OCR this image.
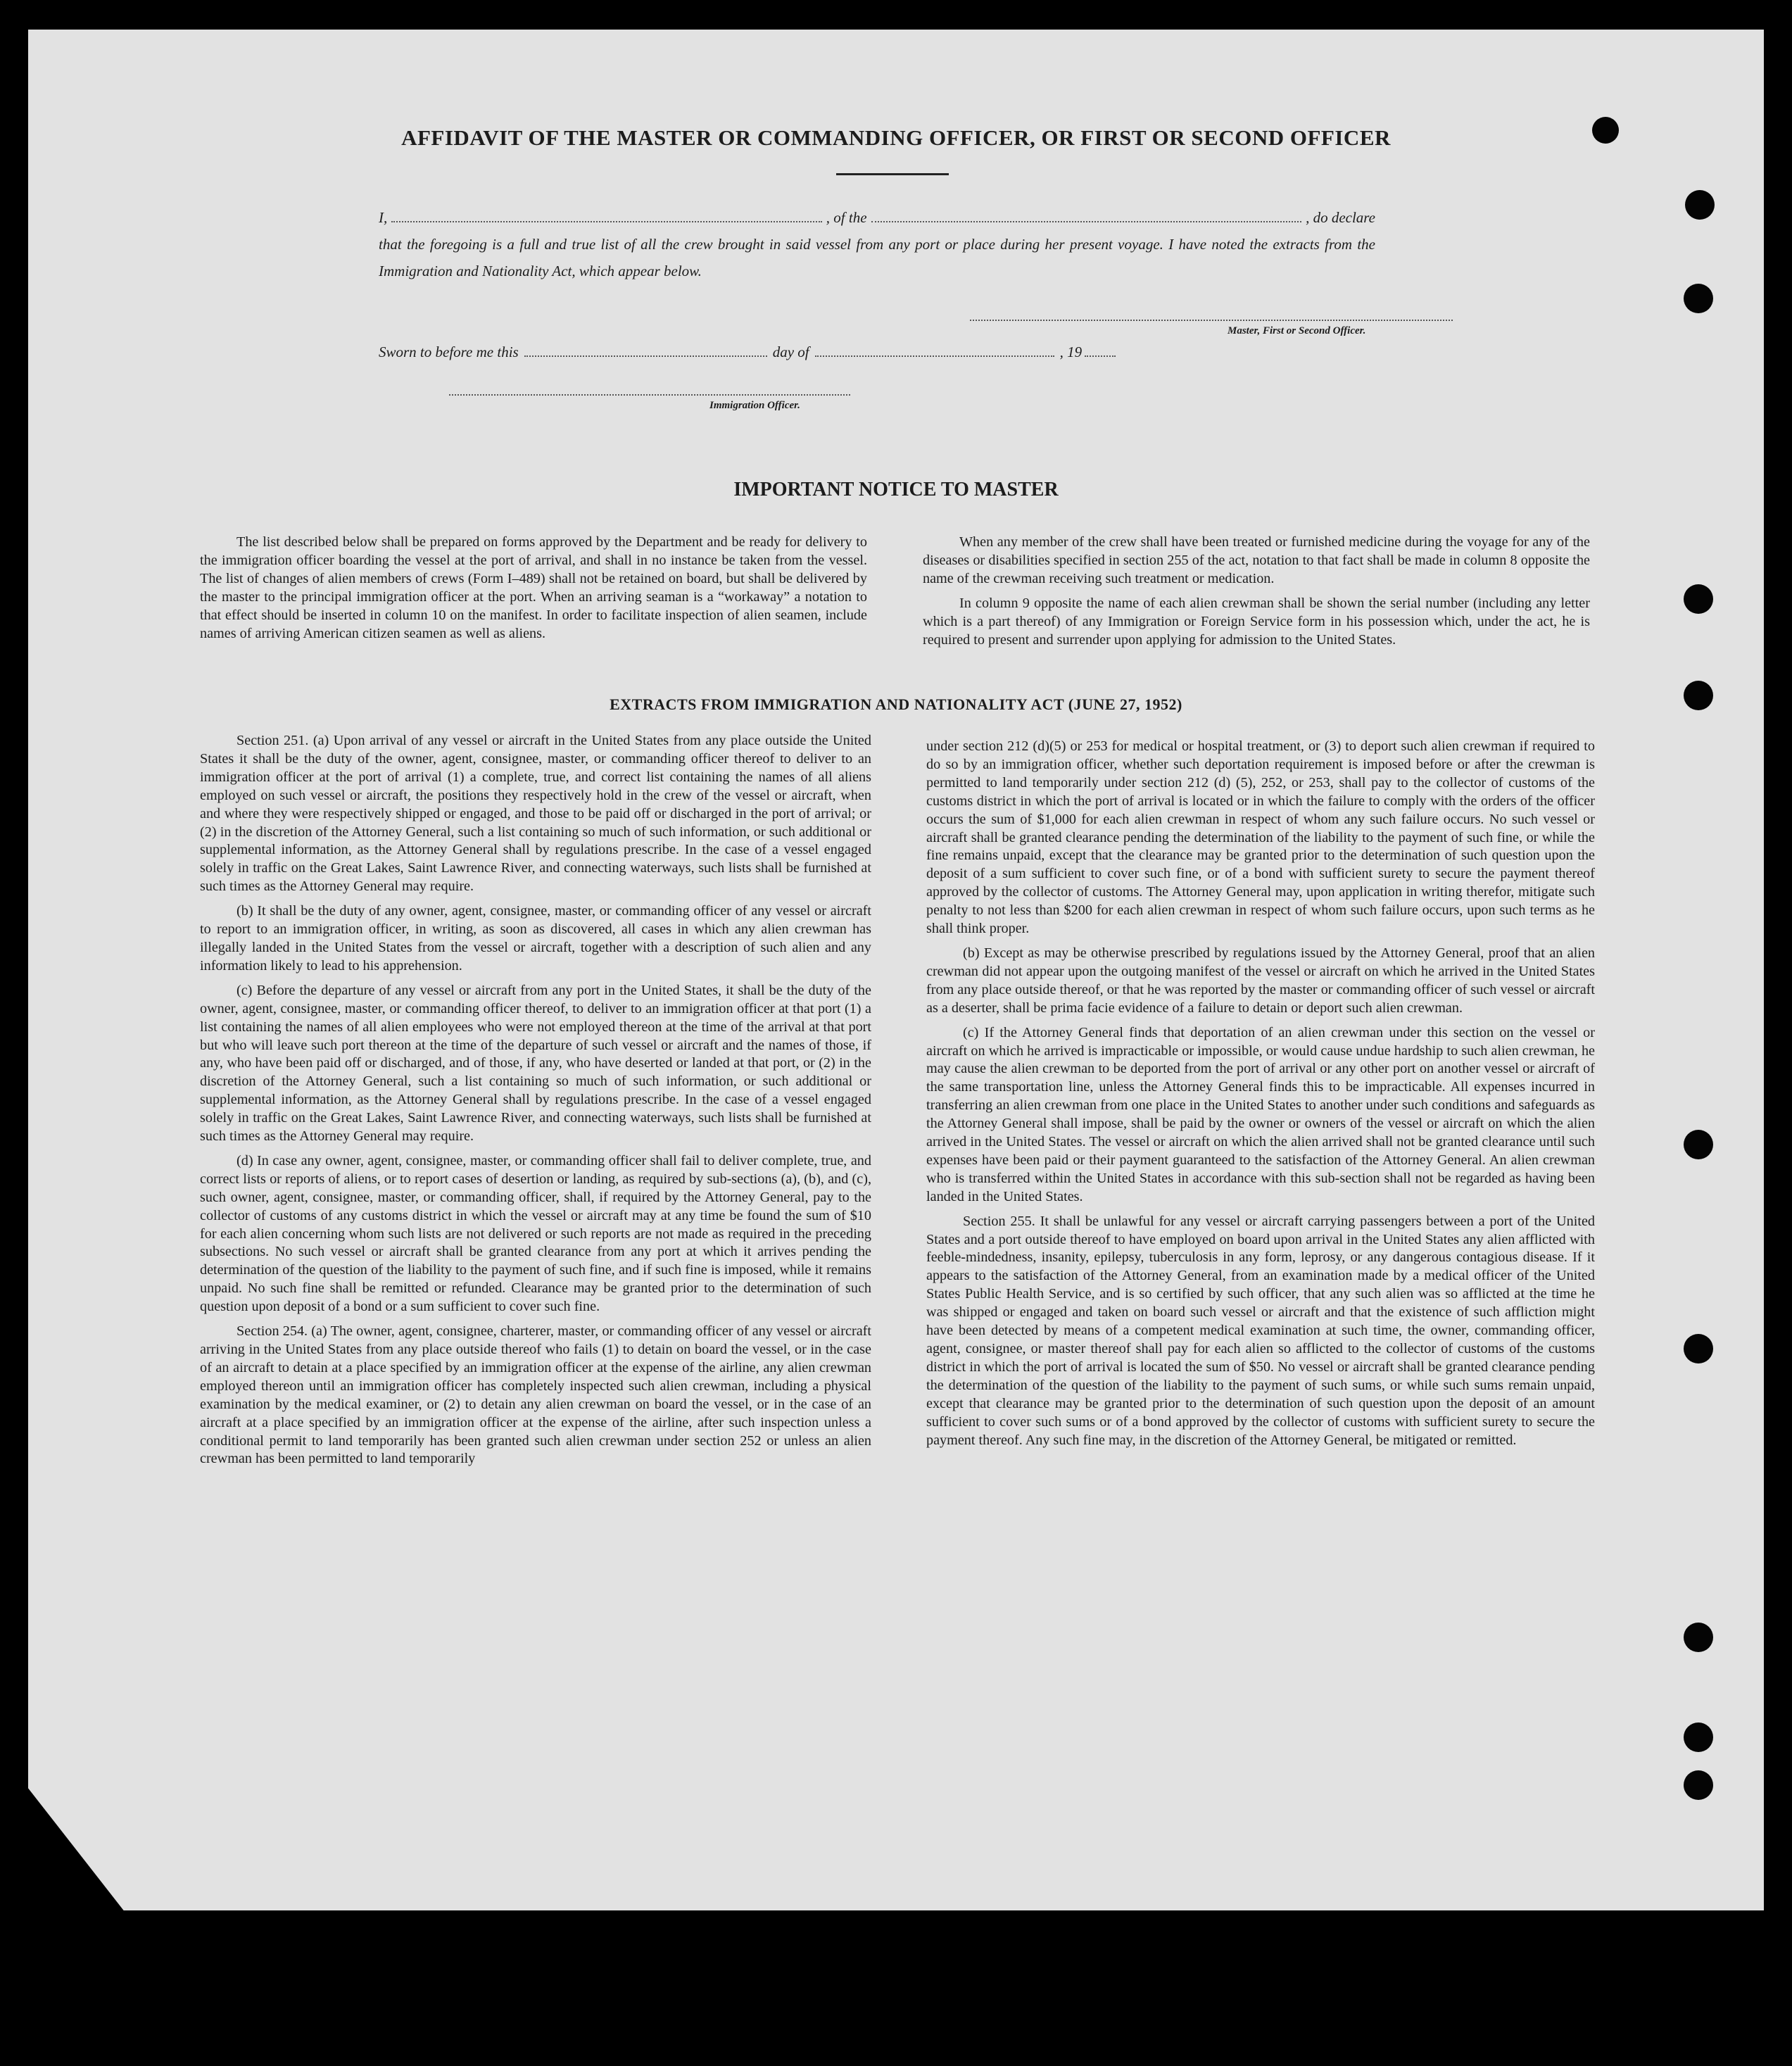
AFFIDAVIT OF THE MASTER OR COMMANDING OFFICER, OR FIRST OR SECOND OFFICER
I,	, of the	, do declare

that the foregoing is a full and true list of all the crew brought in said vessel from any port or place during her present voyage. I have noted the extracts from the Immigration and Nationality Act, which appear below.

Master, First or Second Officer.
Sworn to before me this	day of	, 19
Immigration Officer.
IMPORTANT NOTICE TO MASTER

The list described below shall be prepared on forms approved by the Department and be ready for delivery to the immigration officer boarding the vessel at the port of arrival, and shall in no instance be taken from the vessel. The list of changes of alien members of crews (Form I–489) shall not be retained on board, but shall be delivered by the master to the principal immigration officer at the port. When an arriving seaman is a “workaway” a notation to that effect should be inserted in column 10 on the manifest. In order to facilitate inspection of alien seamen, include names of arriving American citizen seamen as well as aliens.

When any member of the crew shall have been treated or furnished medicine during the voyage for any of the diseases or disabilities specified in section 255 of the act, notation to that fact shall be made in column 8 opposite the name of the crewman receiving such treatment or medication.

In column 9 opposite the name of each alien crewman shall be shown the serial number (including any letter which is a part thereof) of any Immigration or Foreign Service form in his possession which, under the act, he is required to present and surrender upon applying for admission to the United States.

EXTRACTS FROM IMMIGRATION AND NATIONALITY ACT (JUNE 27, 1952)

Section 251. (a) Upon arrival of any vessel or aircraft in the United States from any place outside the United States it shall be the duty of the owner, agent, consignee, master, or commanding officer thereof to deliver to an immigration officer at the port of arrival (1) a complete, true, and correct list containing the names of all aliens employed on such vessel or aircraft, the positions they respectively hold in the crew of the vessel or aircraft, when and where they were respectively shipped or engaged, and those to be paid off or discharged in the port of arrival; or (2) in the discretion of the Attorney General, such a list containing so much of such information, or such additional or supplemental information, as the Attorney General shall by regulations prescribe. In the case of a vessel engaged solely in traffic on the Great Lakes, Saint Lawrence River, and connecting waterways, such lists shall be furnished at such times as the Attorney General may require.

(b) It shall be the duty of any owner, agent, consignee, master, or commanding officer of any vessel or aircraft to report to an immigration officer, in writing, as soon as discovered, all cases in which any alien crewman has illegally landed in the United States from the vessel or aircraft, together with a description of such alien and any information likely to lead to his apprehension.

(c) Before the departure of any vessel or aircraft from any port in the United States, it shall be the duty of the owner, agent, consignee, master, or commanding officer thereof, to deliver to an immigration officer at that port (1) a list containing the names of all alien employees who were not employed thereon at the time of the arrival at that port but who will leave such port thereon at the time of the departure of such vessel or aircraft and the names of those, if any, who have been paid off or discharged, and of those, if any, who have deserted or landed at that port, or (2) in the discretion of the Attorney General, such a list containing so much of such information, or such additional or supplemental information, as the Attorney General shall by regulations prescribe. In the case of a vessel engaged solely in traffic on the Great Lakes, Saint Lawrence River, and connecting waterways, such lists shall be furnished at such times as the Attorney General may require.

(d) In case any owner, agent, consignee, master, or commanding officer shall fail to deliver complete, true, and correct lists or reports of aliens, or to report cases of desertion or landing, as required by sub-sections (a), (b), and (c), such owner, agent, consignee, master, or commanding officer, shall, if required by the Attorney General, pay to the collector of customs of any customs district in which the vessel or aircraft may at any time be found the sum of $10 for each alien concerning whom such lists are not delivered or such reports are not made as required in the preceding subsections. No such vessel or aircraft shall be granted clearance from any port at which it arrives pending the determination of the question of the liability to the payment of such fine, and if such fine is imposed, while it remains unpaid. No such fine shall be remitted or refunded. Clearance may be granted prior to the determination of such question upon deposit of a bond or a sum sufficient to cover such fine.

Section 254. (a) The owner, agent, consignee, charterer, master, or commanding officer of any vessel or aircraft arriving in the United States from any place outside thereof who fails (1) to detain on board the vessel, or in the case of an aircraft to detain at a place specified by an immigration officer at the expense of the airline, any alien crewman employed thereon until an immigration officer has completely inspected such alien crewman, including a physical examination by the medical examiner, or (2) to detain any alien crewman on board the vessel, or in the case of an aircraft at a place specified by an immigration officer at the expense of the airline, after such inspection unless a conditional permit to land temporarily has been granted such alien crewman under section 252 or unless an alien crewman has been permitted to land temporarily

under section 212 (d)(5) or 253 for medical or hospital treatment, or (3) to deport such alien crewman if required to do so by an immigration officer, whether such deportation requirement is imposed before or after the crewman is permitted to land temporarily under section 212 (d) (5), 252, or 253, shall pay to the collector of customs of the customs district in which the port of arrival is located or in which the failure to comply with the orders of the officer occurs the sum of $1,000 for each alien crewman in respect of whom any such failure occurs. No such vessel or aircraft shall be granted clearance pending the determination of the liability to the payment of such fine, or while the fine remains unpaid, except that the clearance may be granted prior to the determination of such question upon the deposit of a sum sufficient to cover such fine, or of a bond with sufficient surety to secure the payment thereof approved by the collector of customs. The Attorney General may, upon application in writing therefor, mitigate such penalty to not less than $200 for each alien crewman in respect of whom such failure occurs, upon such terms as he shall think proper.

(b) Except as may be otherwise prescribed by regulations issued by the Attorney General, proof that an alien crewman did not appear upon the outgoing manifest of the vessel or aircraft on which he arrived in the United States from any place outside thereof, or that he was reported by the master or commanding officer of such vessel or aircraft as a deserter, shall be prima facie evidence of a failure to detain or deport such alien crewman.

(c) If the Attorney General finds that deportation of an alien crewman under this section on the vessel or aircraft on which he arrived is impracticable or impossible, or would cause undue hardship to such alien crewman, he may cause the alien crewman to be deported from the port of arrival or any other port on another vessel or aircraft of the same transportation line, unless the Attorney General finds this to be impracticable. All expenses incurred in transferring an alien crewman from one place in the United States to another under such conditions and safeguards as the Attorney General shall impose, shall be paid by the owner or owners of the vessel or aircraft on which the alien arrived in the United States. The vessel or aircraft on which the alien arrived shall not be granted clearance until such expenses have been paid or their payment guaranteed to the satisfaction of the Attorney General. An alien crewman who is transferred within the United States in accordance with this sub-section shall not be regarded as having been landed in the United States.

Section 255. It shall be unlawful for any vessel or aircraft carrying passengers between a port of the United States and a port outside thereof to have employed on board upon arrival in the United States any alien afflicted with feeble-mindedness, insanity, epilepsy, tuberculosis in any form, leprosy, or any dangerous contagious disease. If it appears to the satisfaction of the Attorney General, from an examination made by a medical officer of the United States Public Health Service, and is so certified by such officer, that any such alien was so afflicted at the time he was shipped or engaged and taken on board such vessel or aircraft and that the existence of such affliction might have been detected by means of a competent medical examination at such time, the owner, commanding officer, agent, consignee, or master thereof shall pay for each alien so afflicted to the collector of customs of the customs district in which the port of arrival is located the sum of $50. No vessel or aircraft shall be granted clearance pending the determination of the question of the liability to the payment of such sums, or while such sums remain unpaid, except that clearance may be granted prior to the determination of such question upon the deposit of an amount sufficient to cover such sums or of a bond approved by the collector of customs with sufficient surety to secure the payment thereof. Any such fine may, in the discretion of the Attorney General, be mitigated or remitted.
